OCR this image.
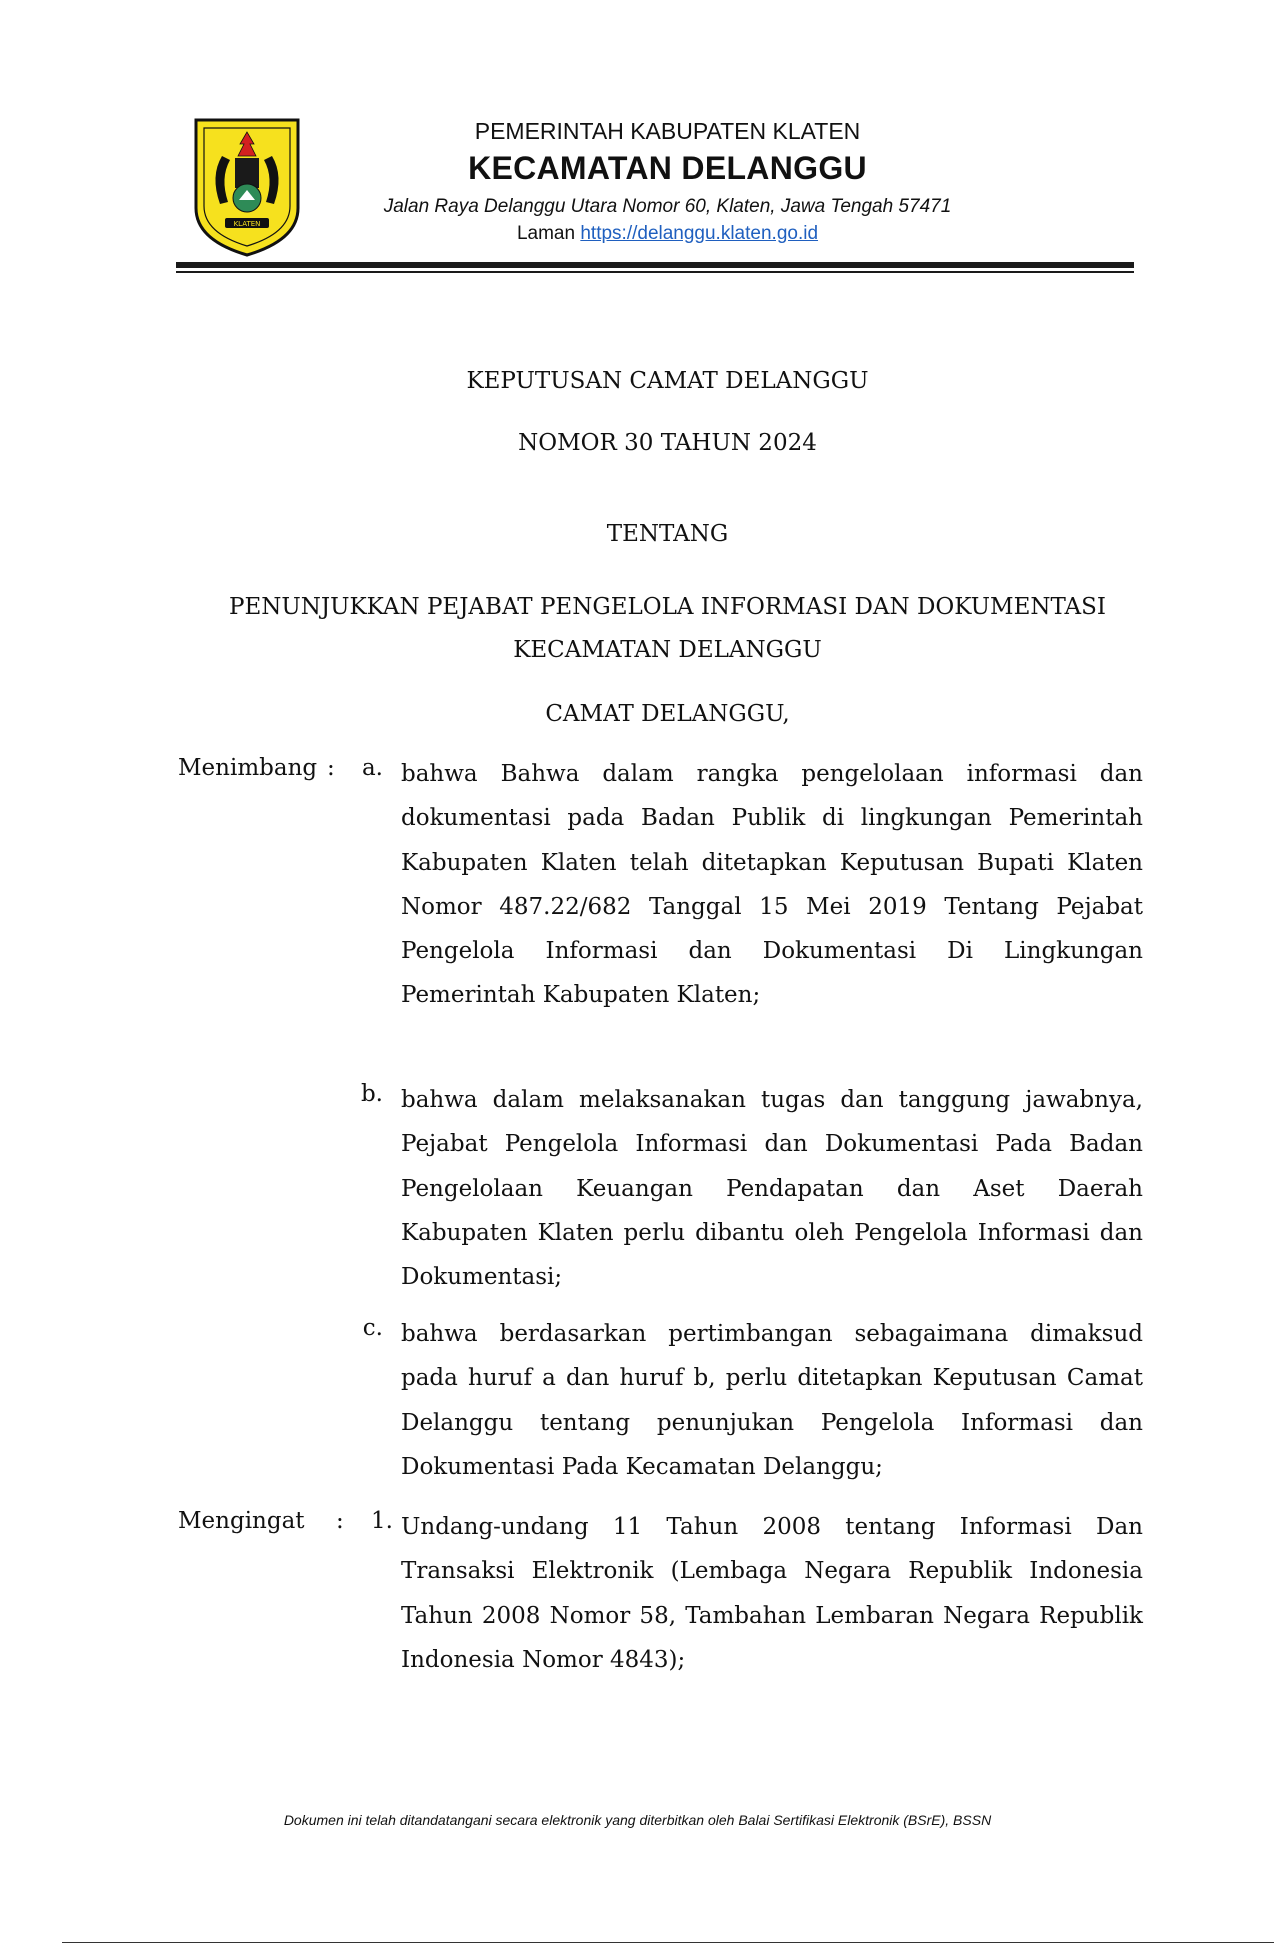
KLATEN
PEMERINTAH KABUPATEN KLATEN
KECAMATAN DELANGGU
Jalan Raya Delanggu Utara Nomor 60, Klaten, Jawa Tengah 57471
Laman https://delanggu.klaten.go.id
KEPUTUSAN CAMAT DELANGGU
NOMOR 30 TAHUN 2024
TENTANG
PENUNJUKKAN PEJABAT PENGELOLA INFORMASI DAN DOKUMENTASI
KECAMATAN DELANGGU
CAMAT DELANGGU,
Menimbang :	a. bahwa Bahwa dalam rangka pengelolaan informasi dan dokumentasi pada Badan Publik di lingkungan Pemerintah Kabupaten Klaten telah ditetapkan Keputusan Bupati Klaten Nomor 487.22/682 Tanggal 15 Mei 2019 Tentang Pejabat Pengelola Informasi dan Dokumentasi Di Lingkungan Pemerintah Kabupaten Klaten;
b. bahwa dalam melaksanakan tugas dan tanggung jawabnya, Pejabat Pengelola Informasi dan Dokumentasi Pada Badan Pengelolaan Keuangan Pendapatan dan Aset Daerah Kabupaten Klaten perlu dibantu oleh Pengelola Informasi dan Dokumentasi;
c. bahwa berdasarkan pertimbangan sebagaimana dimaksud pada huruf a dan huruf b, perlu ditetapkan Keputusan Camat Delanggu tentang penunjukan Pengelola Informasi dan Dokumentasi Pada Kecamatan Delanggu;
Mengingat :	1. Undang-undang 11 Tahun 2008 tentang Informasi Dan Transaksi Elektronik (Lembaga Negara Republik Indonesia Tahun 2008 Nomor 58, Tambahan Lembaran Negara Republik Indonesia Nomor 4843);
Dokumen ini telah ditandatangani secara elektronik yang diterbitkan oleh Balai Sertifikasi Elektronik (BSrE), BSSN
